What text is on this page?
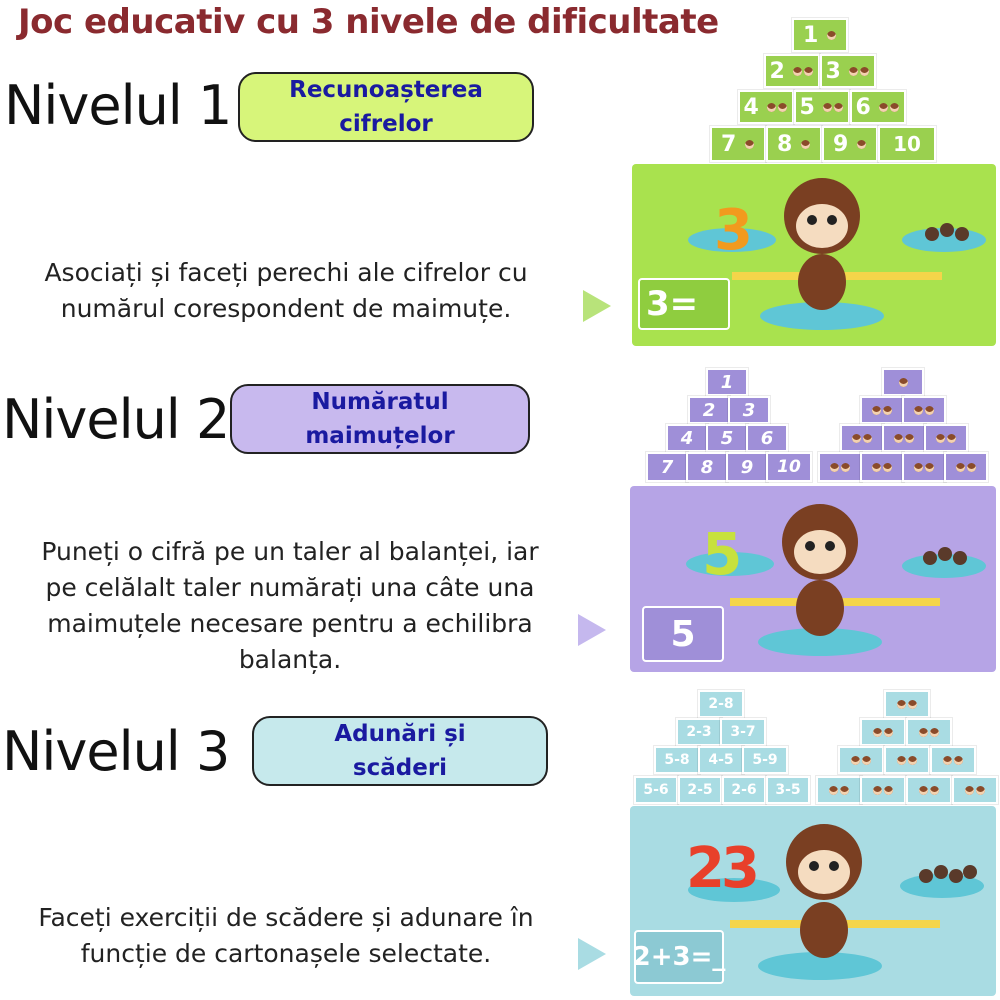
Joc educativ cu 3 nivele de dificultate
Nivelul 1	Recunoașterea
cifrelor
Asociați și faceți perechi ale cifrelor cu
numărul corespondent de maimuțe.
1

2
3

4
5
6

7
8
9
10
3
3=
Nivelul 2	Număratul
maimuțelor
Puneți o cifră pe un taler al balanței, iar
pe celălalt taler numărați una câte una
maimuțele necesare pentru a echilibra
balanța.
1
2	3
4	5	6
7	8	9	10
5
5
Nivelul 3	Adunări și
scăderi
Faceți exerciții de scădere și adunare în
funcție de cartonașele selectate.
2-8
2-3	3-7
5-8	4-5	5-9
5-6	2-5	2-6	3-5
23
2+3=_
